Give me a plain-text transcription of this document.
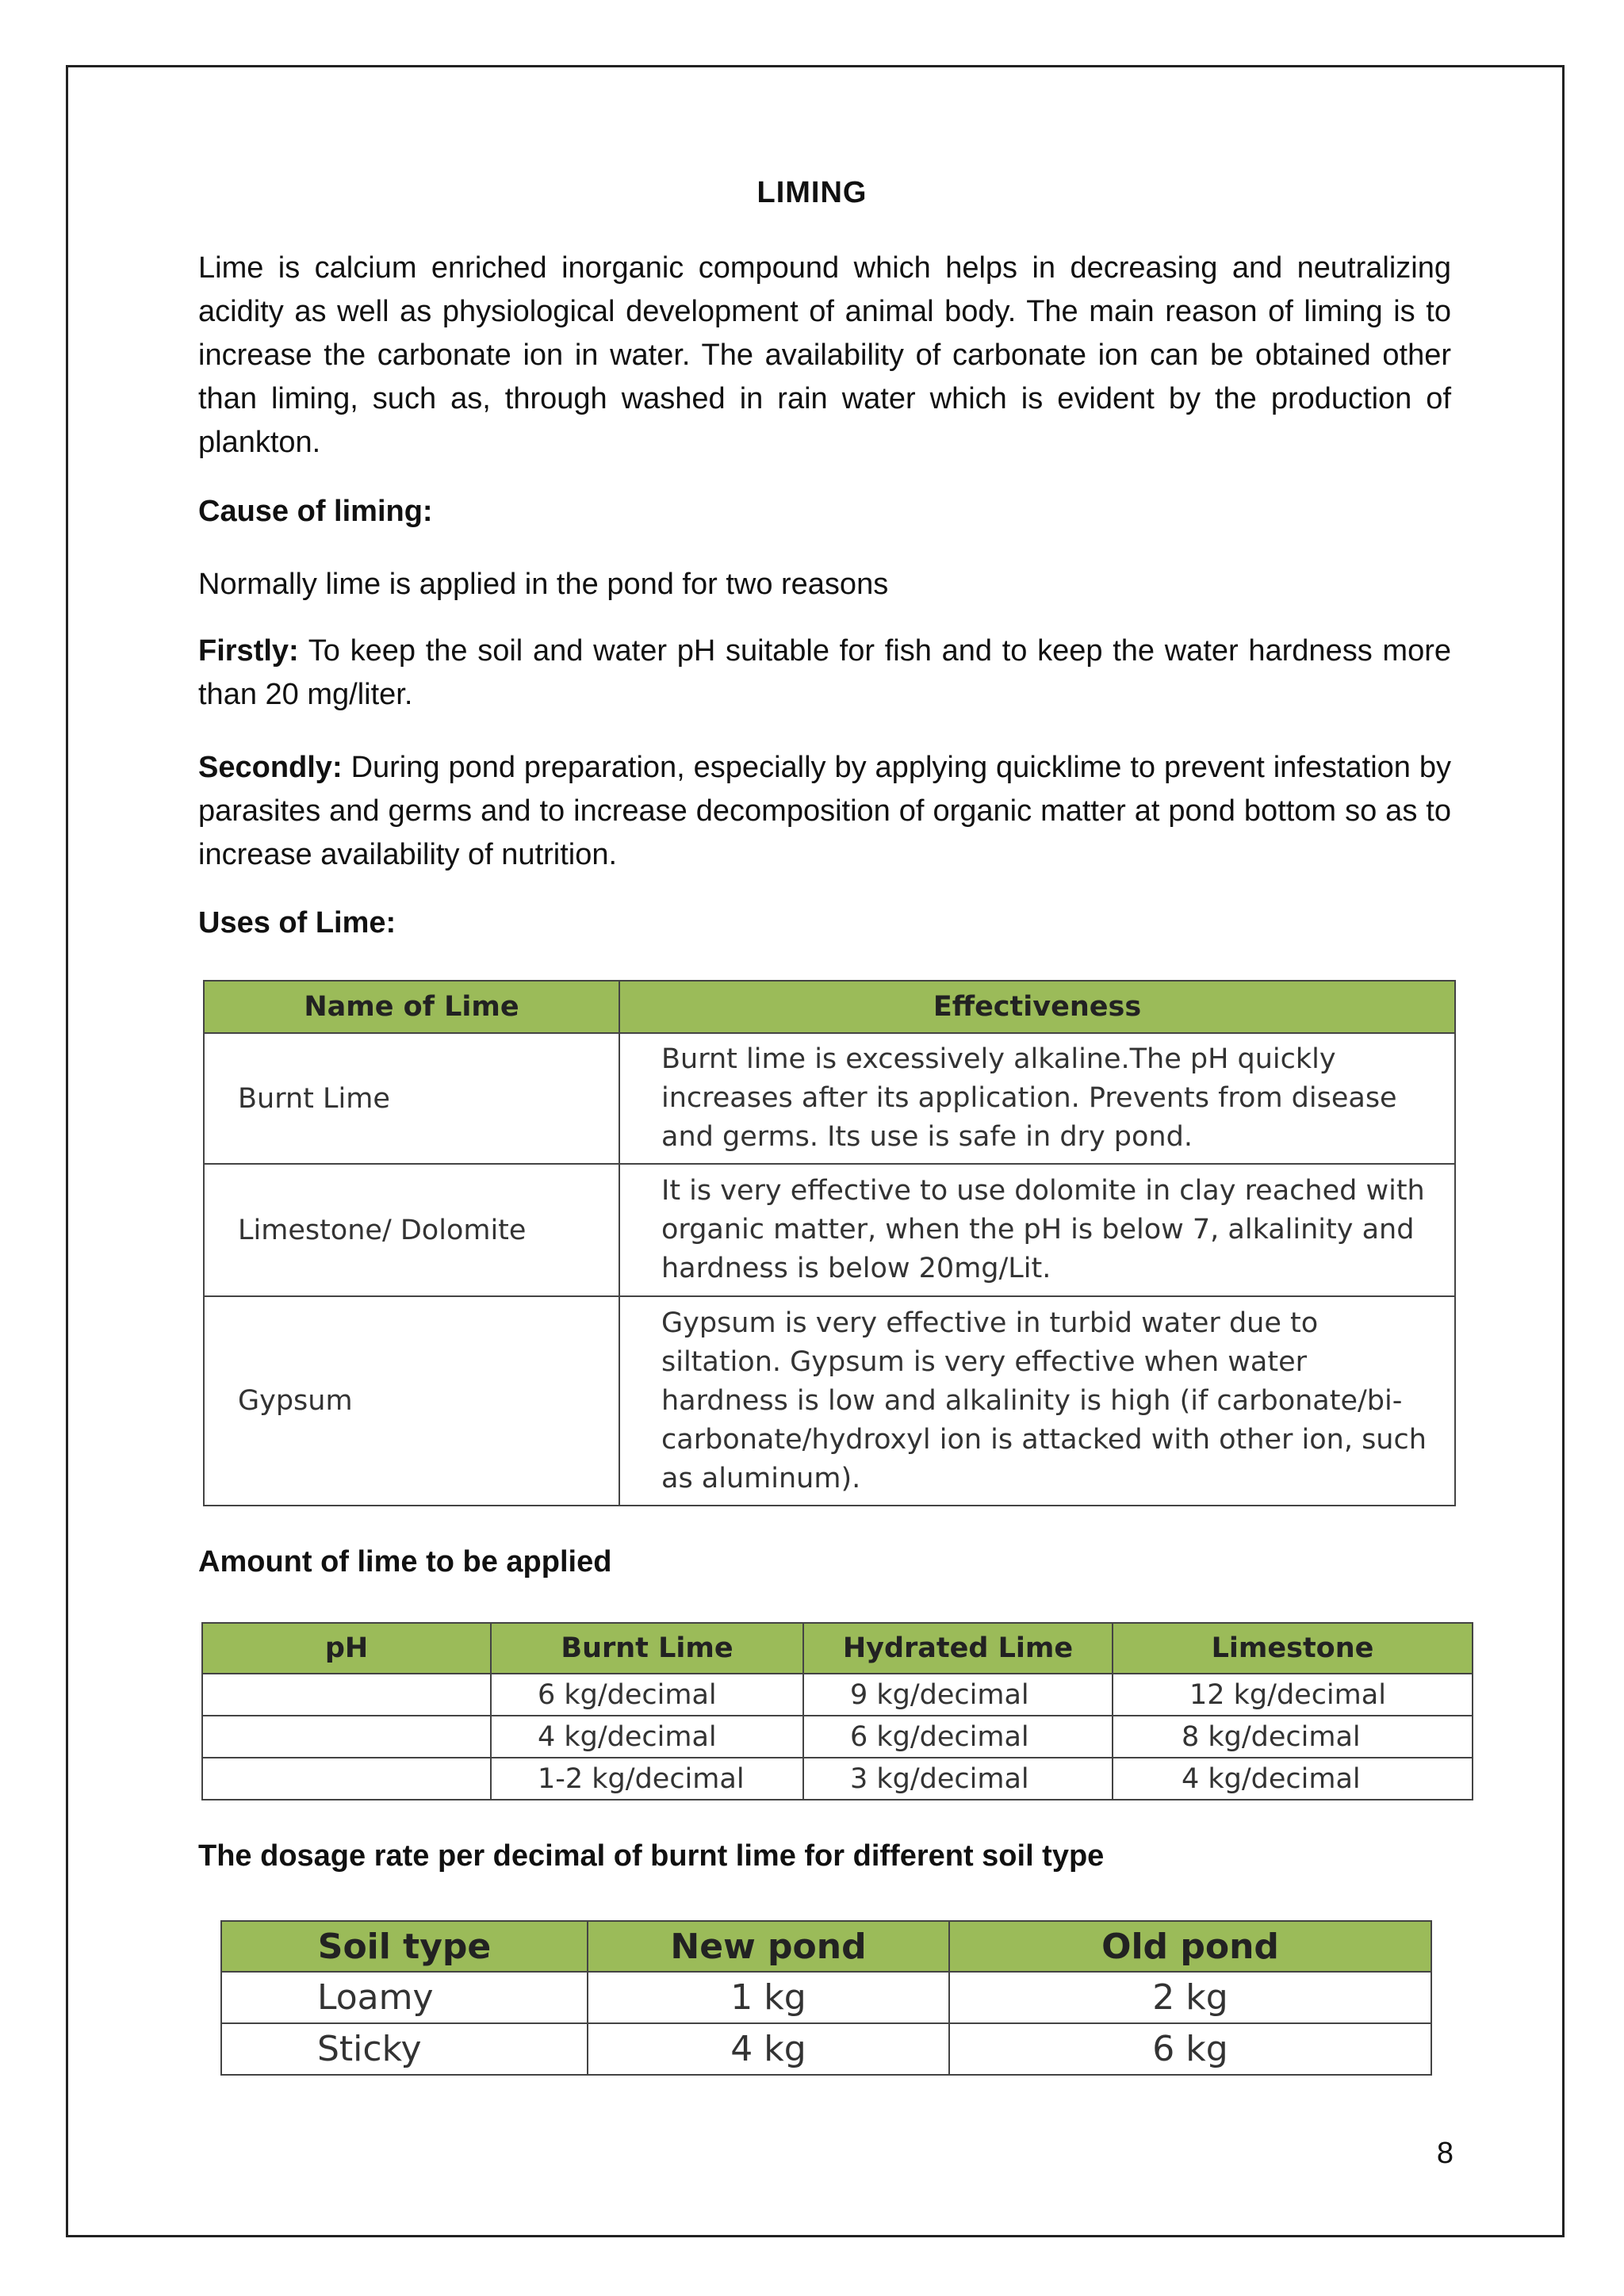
LIMING

Lime is calcium enriched inorganic compound which helps in decreasing and neutralizing acidity as well as physiological development of animal body. The main reason of liming is to increase the carbonate ion in water. The availability of carbonate ion can be obtained other than liming, such as, through washed in rain water which is evident by the production of plankton.

Cause of liming:

Normally lime is applied in the pond for two reasons

Firstly: To keep the soil and water pH suitable for fish and to keep the water hardness more than 20 mg/liter.

Secondly: During pond preparation, especially by applying quicklime to prevent infestation by parasites and germs and to increase decomposition of organic matter at pond bottom so as to increase availability of nutrition.

Uses of Lime:
Name of Lime	Effectiveness
Burnt Lime	Burnt lime is excessively alkaline.The pH quickly increases after its application. Prevents from disease and germs. Its use is safe in dry pond.
Limestone/ Dolomite	It is very effective to use dolomite in clay reached with organic matter, when the pH is below 7, alkalinity and hardness is below 20mg/Lit.
Gypsum	Gypsum is very effective in turbid water due to siltation. Gypsum is very effective when water hardness is low and alkalinity is high (if carbonate/bi-carbonate/hydroxyl ion is attacked with other ion, such as aluminum).
Amount of lime to be applied
pH	Burnt Lime	Hydrated Lime	Limestone
	6 kg/decimal	9 kg/decimal	12 kg/decimal
	4 kg/decimal	6 kg/decimal	8 kg/decimal
	1-2 kg/decimal	3 kg/decimal	4 kg/decimal
The dosage rate per decimal of burnt lime for different soil type
Soil type	New pond	Old pond
Loamy	1 kg	2 kg
Sticky	4 kg	6 kg
8
